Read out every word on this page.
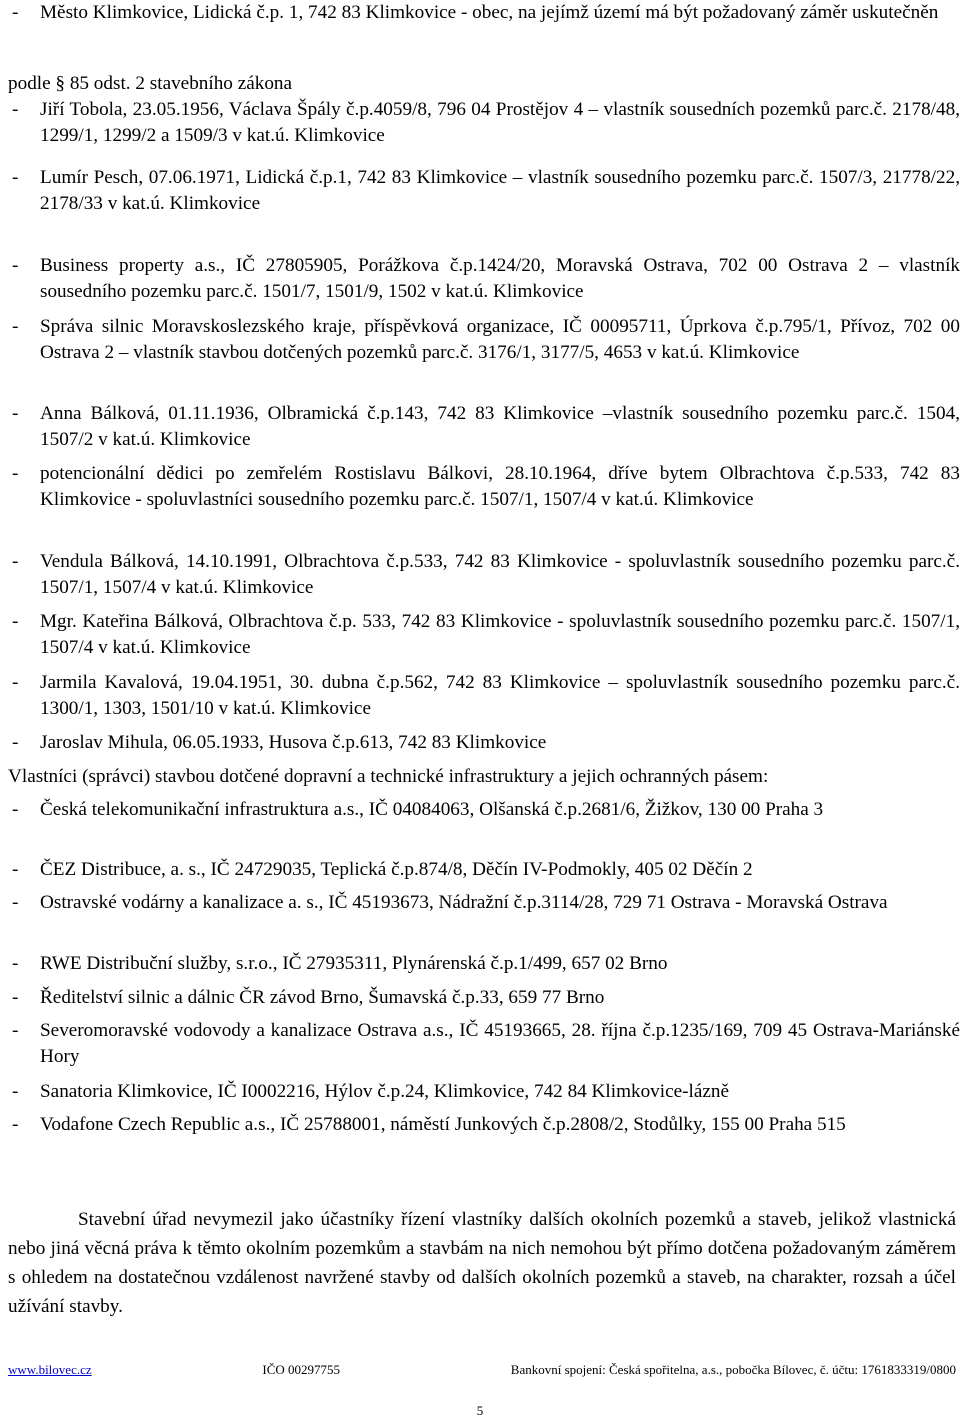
- Město Klimkovice, Lidická č.p. 1, 742 83 Klimkovice - obec, na jejímž území má být požadovaný záměr uskutečněn
podle § 85 odst. 2 stavebního zákona
- Jiří Tobola, 23.05.1956, Václava Špály č.p.4059/8, 796 04 Prostějov 4 – vlastník sousedních pozemků parc.č. 2178/48, 1299/1, 1299/2 a 1509/3 v kat.ú. Klimkovice
- Lumír Pesch, 07.06.1971, Lidická č.p.1, 742 83 Klimkovice – vlastník sousedního pozemku parc.č. 1507/3, 21778/22, 2178/33 v kat.ú. Klimkovice
- Business property a.s., IČ 27805905, Porážkova č.p.1424/20, Moravská Ostrava, 702 00 Ostrava 2 – vlastník sousedního pozemku parc.č. 1501/7, 1501/9, 1502 v kat.ú. Klimkovice
- Správa silnic Moravskoslezského kraje, příspěvková organizace, IČ 00095711, Úprkova č.p.795/1, Přívoz, 702 00 Ostrava 2 – vlastník stavbou dotčených pozemků parc.č. 3176/1, 3177/5, 4653 v kat.ú. Klimkovice
- Anna Bálková, 01.11.1936, Olbramická č.p.143, 742 83 Klimkovice –vlastník sousedního pozemku parc.č. 1504, 1507/2 v kat.ú. Klimkovice
- potencionální dědici po zemřelém Rostislavu Bálkovi, 28.10.1964, dříve bytem Olbrachtova č.p.533, 742 83 Klimkovice - spoluvlastníci sousedního pozemku parc.č. 1507/1, 1507/4 v kat.ú. Klimkovice
- Vendula Bálková, 14.10.1991, Olbrachtova č.p.533, 742 83 Klimkovice - spoluvlastník sousedního pozemku parc.č. 1507/1, 1507/4 v kat.ú. Klimkovice
- Mgr. Kateřina Bálková, Olbrachtova č.p. 533, 742 83 Klimkovice - spoluvlastník sousedního pozemku parc.č. 1507/1, 1507/4 v kat.ú. Klimkovice
- Jarmila Kavalová, 19.04.1951, 30. dubna č.p.562, 742 83 Klimkovice – spoluvlastník sousedního pozemku parc.č. 1300/1, 1303, 1501/10 v kat.ú. Klimkovice
- Jaroslav Mihula, 06.05.1933, Husova č.p.613, 742 83 Klimkovice
Vlastníci (správci) stavbou dotčené dopravní a technické infrastruktury a jejich ochranných pásem:
- Česká telekomunikační infrastruktura a.s., IČ 04084063, Olšanská č.p.2681/6, Žižkov, 130 00 Praha 3
- ČEZ Distribuce, a. s., IČ 24729035, Teplická č.p.874/8, Děčín IV-Podmokly, 405 02 Děčín 2
- Ostravské vodárny a kanalizace a. s., IČ 45193673, Nádražní č.p.3114/28, 729 71 Ostrava - Moravská Ostrava
- RWE Distribuční služby, s.r.o., IČ 27935311, Plynárenská č.p.1/499, 657 02 Brno
- Ředitelství silnic a dálnic ČR závod Brno, Šumavská č.p.33, 659 77 Brno
- Severomoravské vodovody a kanalizace Ostrava a.s., IČ 45193665, 28. října č.p.1235/169, 709 45 Ostrava-Mariánské Hory
- Sanatoria Klimkovice, IČ I0002216, Hýlov č.p.24, Klimkovice, 742 84 Klimkovice-lázně
- Vodafone Czech Republic a.s., IČ 25788001, náměstí Junkových č.p.2808/2, Stodůlky, 155 00 Praha 515
Stavební úřad nevymezil jako účastníky řízení vlastníky dalších okolních pozemků a staveb, jelikož vlastnická nebo jiná věcná práva k těmto okolním pozemkům a stavbám na nich nemohou být přímo dotčena požadovaným záměrem s ohledem na dostatečnou vzdálenost navržené stavby od dalších okolních pozemků a staveb, na charakter, rozsah a účel užívání stavby.
www.bilovec.cz	IČO 00297755	Bankovní spojení: Česká spořitelna, a.s., pobočka Bílovec, č. účtu: 1761833319/0800
5
